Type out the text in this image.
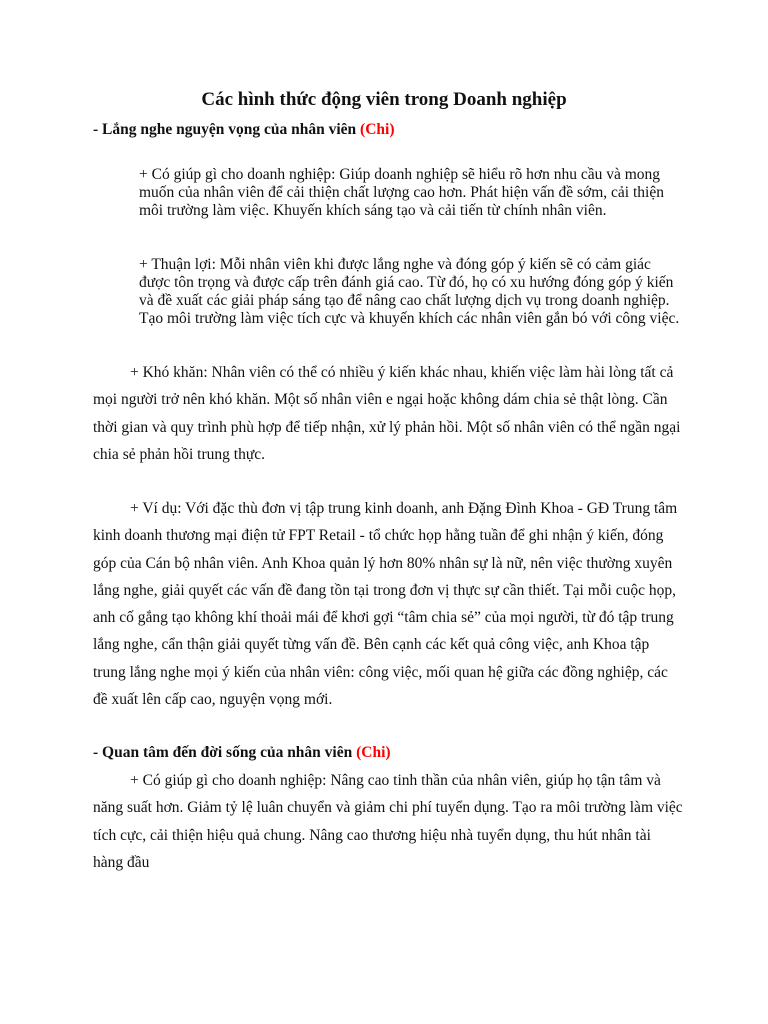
Các hình thức động viên trong Doanh nghiệp

- Lắng nghe nguyện vọng của nhân viên (Chi)

+ Có giúp gì cho doanh nghiệp: Giúp doanh nghiệp sẽ hiểu rõ hơn nhu cầu và mong muốn của nhân viên để cải thiện chất lượng cao hơn. Phát hiện vấn đề sớm, cải thiện môi trường làm việc. Khuyến khích sáng tạo và cải tiến từ chính nhân viên.

+ Thuận lợi: Mỗi nhân viên khi được lắng nghe và đóng góp ý kiến sẽ có cảm giác được tôn trọng và được cấp trên đánh giá cao. Từ đó, họ có xu hướng đóng góp ý kiến và đề xuất các giải pháp sáng tạo để nâng cao chất lượng dịch vụ trong doanh nghiệp. Tạo môi trường làm việc tích cực và khuyến khích các nhân viên gắn bó với công việc.

+ Khó khăn: Nhân viên có thể có nhiều ý kiến khác nhau, khiến việc làm hài lòng tất cả mọi người trở nên khó khăn. Một số nhân viên e ngại hoặc không dám chia sẻ thật lòng. Cần thời gian và quy trình phù hợp để tiếp nhận, xử lý phản hồi. Một số nhân viên có thể ngần ngại chia sẻ phản hồi trung thực.

+ Ví dụ: Với đặc thù đơn vị tập trung kinh doanh, anh Đặng Đình Khoa - GĐ Trung tâm kinh doanh thương mại điện tử FPT Retail - tổ chức họp hằng tuần để ghi nhận ý kiến, đóng góp của Cán bộ nhân viên. Anh Khoa quản lý hơn 80% nhân sự là nữ, nên việc thường xuyên lắng nghe, giải quyết các vấn đề đang tồn tại trong đơn vị thực sự cần thiết. Tại mỗi cuộc họp, anh cố gắng tạo không khí thoải mái để khơi gợi “tâm chia sẻ” của mọi người, từ đó tập trung lắng nghe, cẩn thận giải quyết từng vấn đề. Bên cạnh các kết quả công việc, anh Khoa tập trung lắng nghe mọi ý kiến của nhân viên: công việc, mối quan hệ giữa các đồng nghiệp, các đề xuất lên cấp cao, nguyện vọng mới.

- Quan tâm đến đời sống của nhân viên (Chi)

+ Có giúp gì cho doanh nghiệp: Nâng cao tinh thần của nhân viên, giúp họ tận tâm và năng suất hơn. Giảm tỷ lệ luân chuyển và giảm chi phí tuyển dụng. Tạo ra môi trường làm việc tích cực, cải thiện hiệu quả chung. Nâng cao thương hiệu nhà tuyển dụng, thu hút nhân tài hàng đầu
